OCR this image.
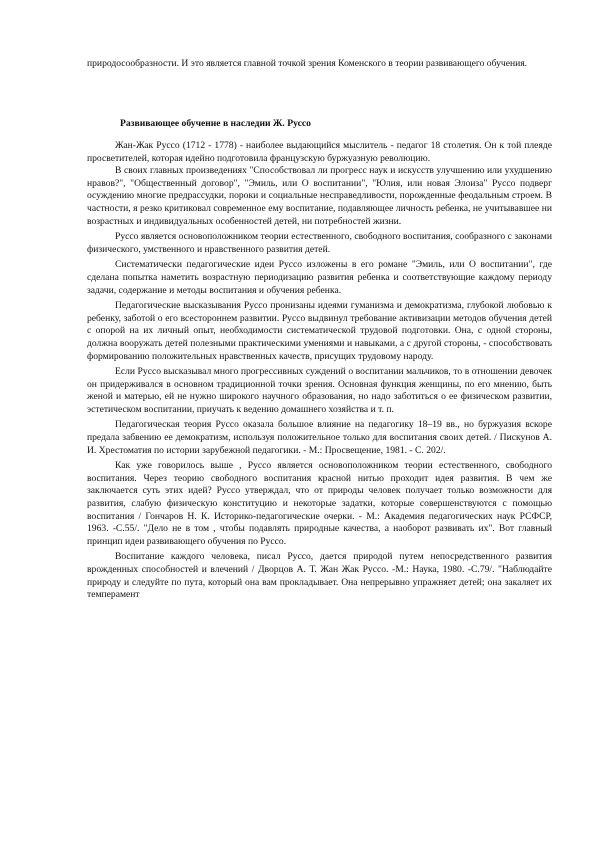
природосообразности. И это является главной точкой зрения Коменского в теории развивающего обучения.

Развивающее обучение в наследии Ж. Руссо

Жан-Жак Руссо (1712 - 1778) - наиболее выдающийся мыслитель - педагог 18 столетия. Он к той плеяде просветителей, которая идейно подготовила французскую буржуазную революцию.

В своих главных произведениях "Способствовал ли прогресс наук и искусств улучшению или ухудшению нравов?", "Общественный договор", "Эмиль, или О воспитании", "Юлия, или новая Элоиза" Руссо подверг осуждению многие предрассудки, пороки и социальные несправедливости, порожденные феодальным строем. В частности, я резко критиковал современное ему воспитание, подавляющее личность ребенка, не учитывавшее ни возрастных и индивидуальных особенностей детей, ни потребностей жизни.

Руссо является основоположником теории естественного, свободного воспитания, сообразного с законами физического, умственного и нравственного развития детей.

Систематически педагогические идеи Руссо изложены в его романе "Эмиль, или О воспитании", где сделана попытка наметить возрастную периодизацию развития ребенка и соответствующие каждому периоду задачи, содержание и методы воспитания и обучения ребенка.

Педагогические высказывания Руссо пронизаны идеями гуманизма и демократизма, глубокой любовью к ребенку, заботой о его всестороннем развитии. Руссо выдвинул требование активизации методов обучения детей с опорой на их личный опыт, необходимости систематической трудовой подготовки. Она, с одной стороны, должна вооружать детей полезными практическими умениями и навыками, а с другой стороны, - способствовать формированию положительных нравственных качеств, присущих трудовому народу.

Если Руссо высказывал много прогрессивных суждений о воспитании мальчиков, то в отношении девочек он придерживался в основном традиционной точки зрения. Основная функция женщины, по его мнению, быть женой и матерью, ей не нужно широкого научного образования, но надо заботиться о ее физическом развитии, эстетическом воспитании, приучать к ведению домашнего хозяйства и т. п.

Педагогическая теория Руссо оказала большое влияние на педагогику 18–19 вв., но буржуазия вскоре предала забвению ее демократизм, используя положительное только для воспитания своих детей. / Пискунов А. И. Хрестоматия по истории зарубежной педагогики. - М.: Просвещение, 1981. - С. 202/.

Как уже говорилось выше , Руссо является основоположником теории естественного, свободного воспитания. Через теорию свободного воспитания красной нитью проходит идея развития. В чем же заключается суть этих идей? Руссо утверждал, что от природы человек получает только возможности для развития, слабую физическую конституцию и некоторые задатки, которые совершенствуются с помощью воспитания / Гончаров Н. К. Историко-педагогические очерки. - М.: Академия педагогических наук РСФСР, 1963. -С.55/. "Дело не в том , чтобы подавлять природные качества, а наоборот развивать их". Вот главный принцип идеи развивающего обучения по Руссо.

Воспитание каждого человека, писал Руссо, дается природой путем непосредственного развития врожденных способностей и влечений / Дворцов А. Т. Жан Жак Руссо. -М.: Наука, 1980. -С.79/. "Наблюдайте природу и следуйте по пута, который она вам прокладывает. Она непрерывно упражняет детей; она закаляет их темперамент
